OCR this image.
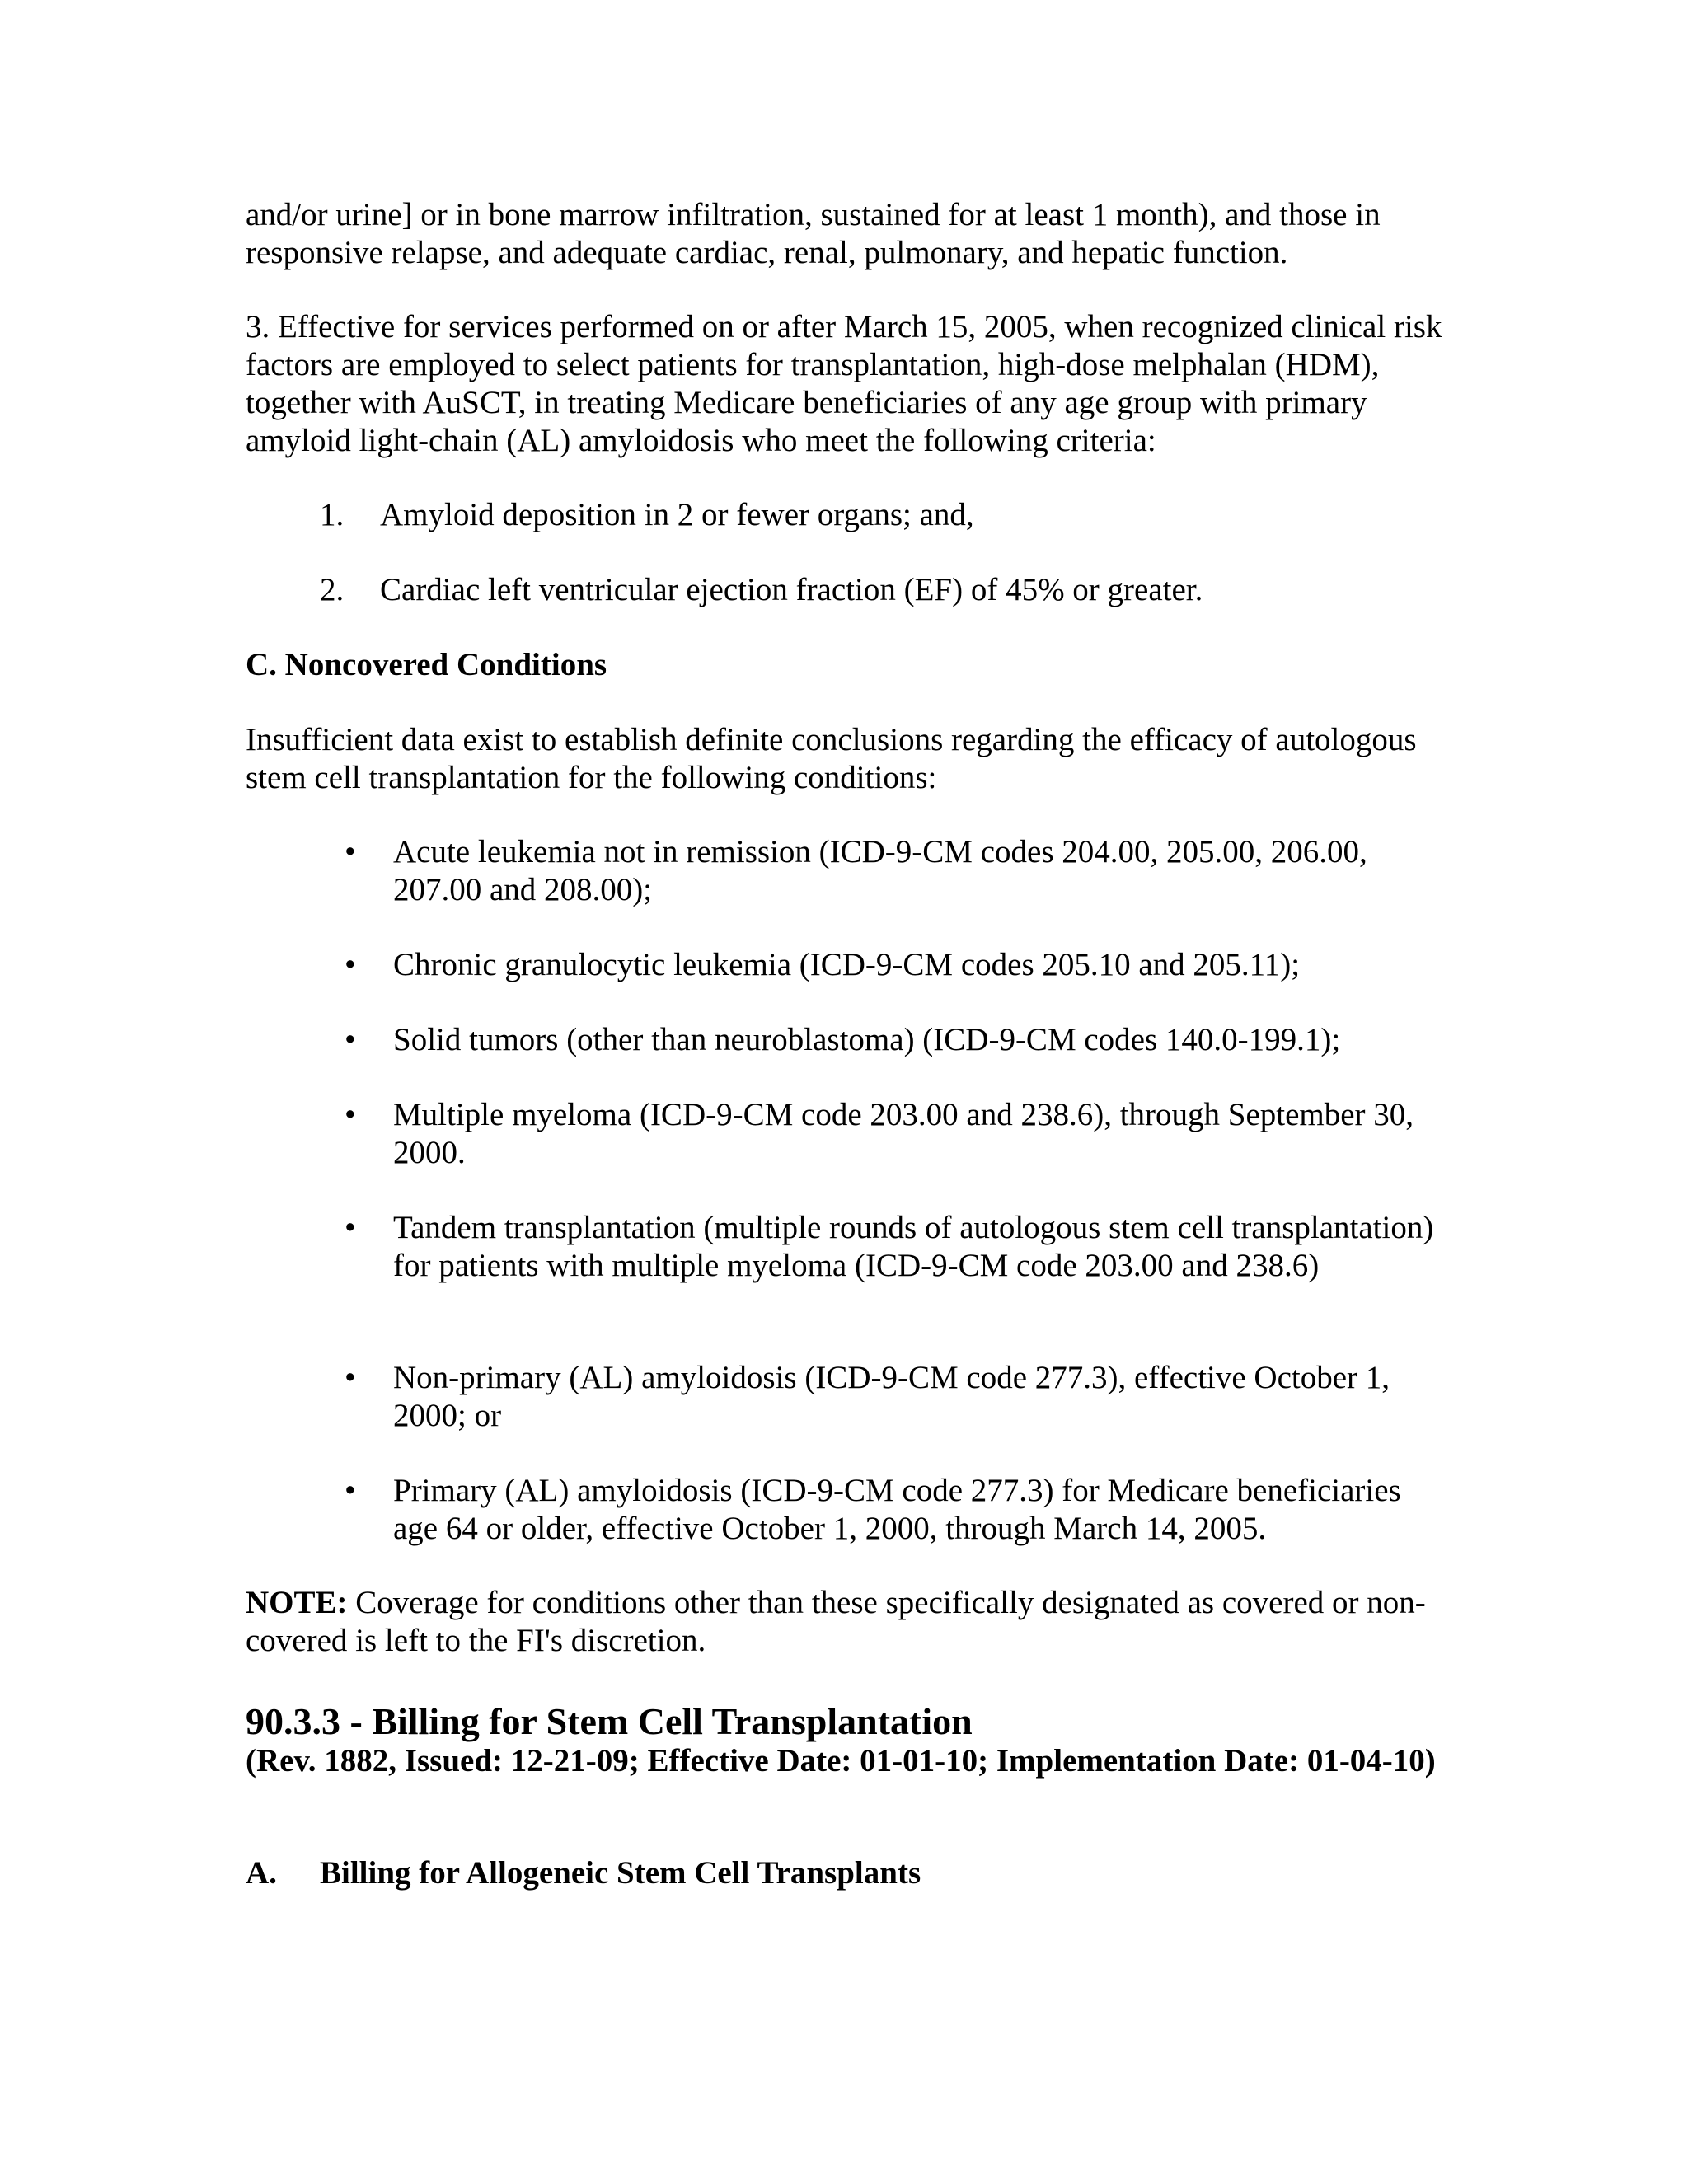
and/or urine] or in bone marrow infiltration, sustained for at least 1 month), and those in responsive relapse, and adequate cardiac, renal, pulmonary, and hepatic function.

3. Effective for services performed on or after March 15, 2005, when recognized clinical risk factors are employed to select patients for transplantation, high-dose melphalan (HDM), together with AuSCT, in treating Medicare beneficiaries of any age group with primary amyloid light-chain (AL) amyloidosis who meet the following criteria:

1. Amyloid deposition in 2 or fewer organs; and,
2. Cardiac left ventricular ejection fraction (EF) of 45% or greater.

C. Noncovered Conditions

Insufficient data exist to establish definite conclusions regarding the efficacy of autologous stem cell transplantation for the following conditions:

• Acute leukemia not in remission (ICD-9-CM codes 204.00, 205.00, 206.00, 207.00 and 208.00);
• Chronic granulocytic leukemia (ICD-9-CM codes 205.10 and 205.11);
• Solid tumors (other than neuroblastoma) (ICD-9-CM codes 140.0-199.1);
• Multiple myeloma (ICD-9-CM code 203.00 and 238.6), through September 30, 2000.
• Tandem transplantation (multiple rounds of autologous stem cell transplantation) for patients with multiple myeloma (ICD-9-CM code 203.00 and 238.6)
• Non-primary (AL) amyloidosis (ICD-9-CM code 277.3), effective October 1, 2000; or
• Primary (AL) amyloidosis (ICD-9-CM code 277.3) for Medicare beneficiaries age 64 or older, effective October 1, 2000, through March 14, 2005.

NOTE: Coverage for conditions other than these specifically designated as covered or non-covered is left to the FI's discretion.

90.3.3 - Billing for Stem Cell Transplantation

(Rev. 1882, Issued: 12-21-09; Effective Date: 01-01-10; Implementation Date: 01-04-10)

A. Billing for Allogeneic Stem Cell Transplants
